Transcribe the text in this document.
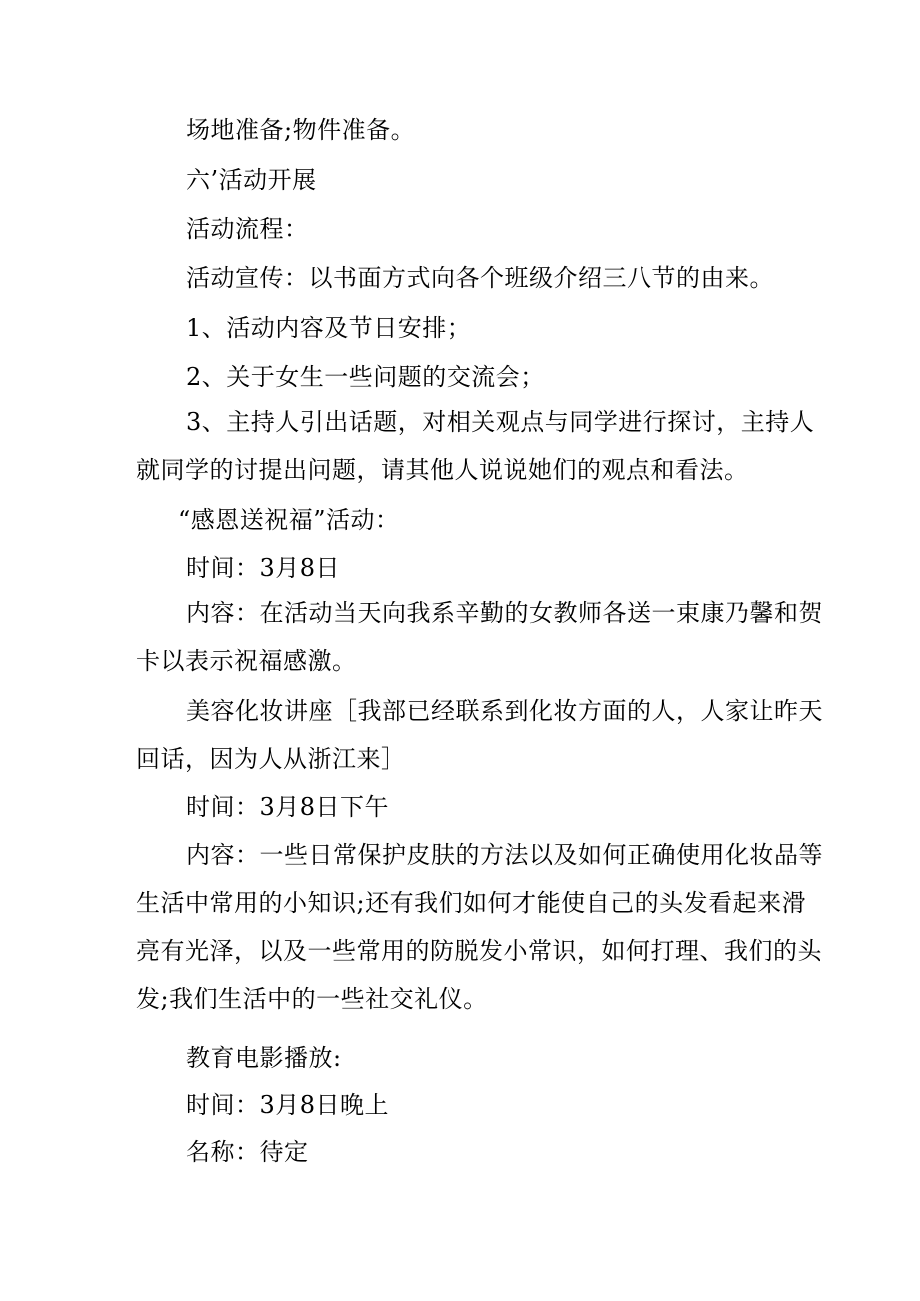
场地准备;物件准备。
六’活动开展
活动流程：
活动宣传：以书面方式向各个班级介绍三八节的由来。
1、活动内容及节日安排；
2、关于女生一些问题的交流会；
3、主持人引出话题，对相关观点与同学进行探讨，主持人
就同学的讨提出问题，请其他人说说她们的观点和看法。
“感恩送祝福”活动：
时间：3月8日
内容：在活动当天向我系辛勤的女教师各送一束康乃馨和贺
卡以表示祝福感激。
美容化妆讲座［我部已经联系到化妆方面的人，人家让昨天
回话，因为人从浙江来］
时间：3月8日下午
内容：一些日常保护皮肤的方法以及如何正确使用化妆品等
生活中常用的小知识;还有我们如何才能使自己的头发看起来滑
亮有光泽，以及一些常用的防脱发小常识，如何打理、我们的头
发;我们生活中的一些社交礼仪。
教育电影播放:
时间：3月8日晚上
名称：待定
